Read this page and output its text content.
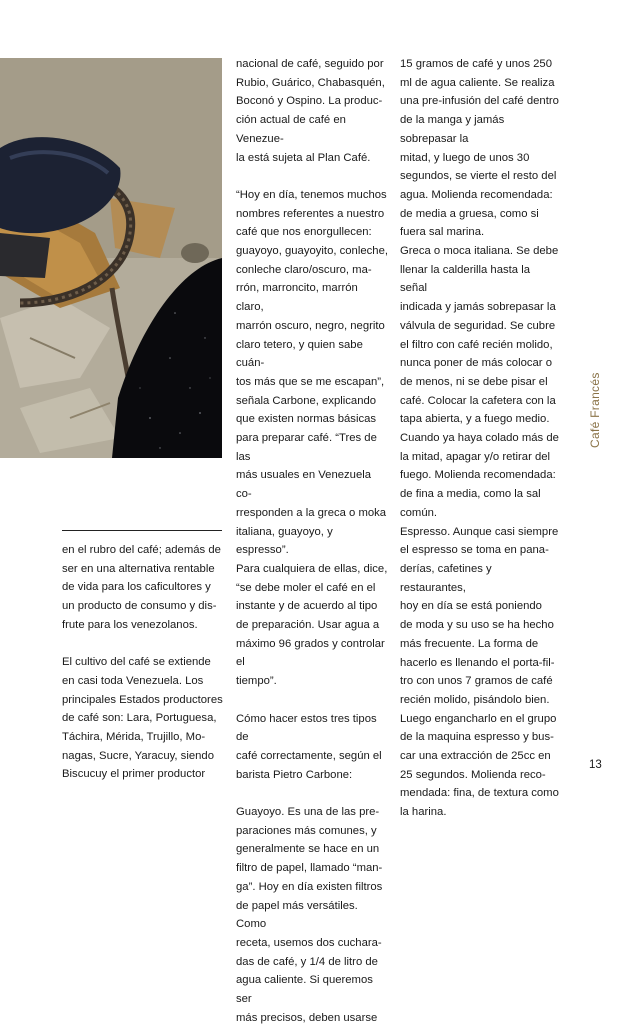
en el rubro del café; además de
ser en una alternativa rentable
de vida para los caficultores y
un producto de consumo y dis-
frute para los venezolanos.

El cultivo del café se extiende
en casi toda Venezuela. Los
principales Estados productores
de café son: Lara, Portuguesa,
Táchira, Mérida, Trujillo, Mo-
nagas, Sucre, Yaracuy, siendo
Biscucuy el primer productor

nacional de café, seguido por
Rubio, Guárico, Chabasquén,
Boconó y Ospino. La produc-
ción actual de café en Venezue-
la está sujeta al Plan Café.

“Hoy en día, tenemos muchos
nombres referentes a nuestro
café que nos enorgullecen:
guayoyo, guayoyito, conleche,
conleche claro/oscuro, ma-
rrón, marroncito, marrón claro,
marrón oscuro, negro, negrito
claro tetero, y quien sabe cuán-
tos más que se me escapan”,
señala Carbone, explicando
que existen normas básicas
para preparar café. “Tres de las
más usuales en Venezuela co-
rresponden a la greca o moka
italiana, guayoyo, y espresso”.
Para cualquiera de ellas, dice,
“se debe moler el café en el
instante y de acuerdo al tipo
de preparación. Usar agua a
máximo 96 grados y controlar el
tiempo”.

Cómo hacer estos tres tipos de
café correctamente, según el
barista Pietro Carbone:

Guayoyo. Es una de las pre-
paraciones más comunes, y
generalmente se hace en un
filtro de papel, llamado “man-
ga”. Hoy en día existen filtros
de papel más versátiles. Como
receta, usemos dos cuchara-
das de café, y 1/4 de litro de
agua caliente. Si queremos ser
más precisos, deben usarse

15 gramos de café y unos 250
ml de agua caliente. Se realiza
una pre-infusión del café dentro
de la manga y jamás sobrepasar la
mitad, y luego de unos 30
segundos, se vierte el resto del
agua. Molienda recomendada:
de media a gruesa, como si
fuera sal marina.

Greca o moca italiana. Se debe
llenar la calderilla hasta la señal
indicada y jamás sobrepasar la
válvula de seguridad. Se cubre
el filtro con café recién molido,
nunca poner de más colocar o
de menos, ni se debe pisar el
café. Colocar la cafetera con la
tapa abierta, y a fuego medio.
Cuando ya haya colado más de
la mitad, apagar y/o retirar del
fuego. Molienda recomendada:
de fina a media, como la sal
común.

Espresso. Aunque casi siempre
el espresso se toma en pana-
derías, cafetines y restaurantes,
hoy en día se está poniendo
de moda y su uso se ha hecho
más frecuente. La forma de
hacerlo es llenando el porta-fil-
tro con unos 7 gramos de café
recién molido, pisándolo bien.
Luego engancharlo en el grupo
de la maquina espresso y bus-
car una extracción de 25cc en
25 segundos. Molienda reco-
mendada: fina, de textura como
la harina.

Café Francés
13
